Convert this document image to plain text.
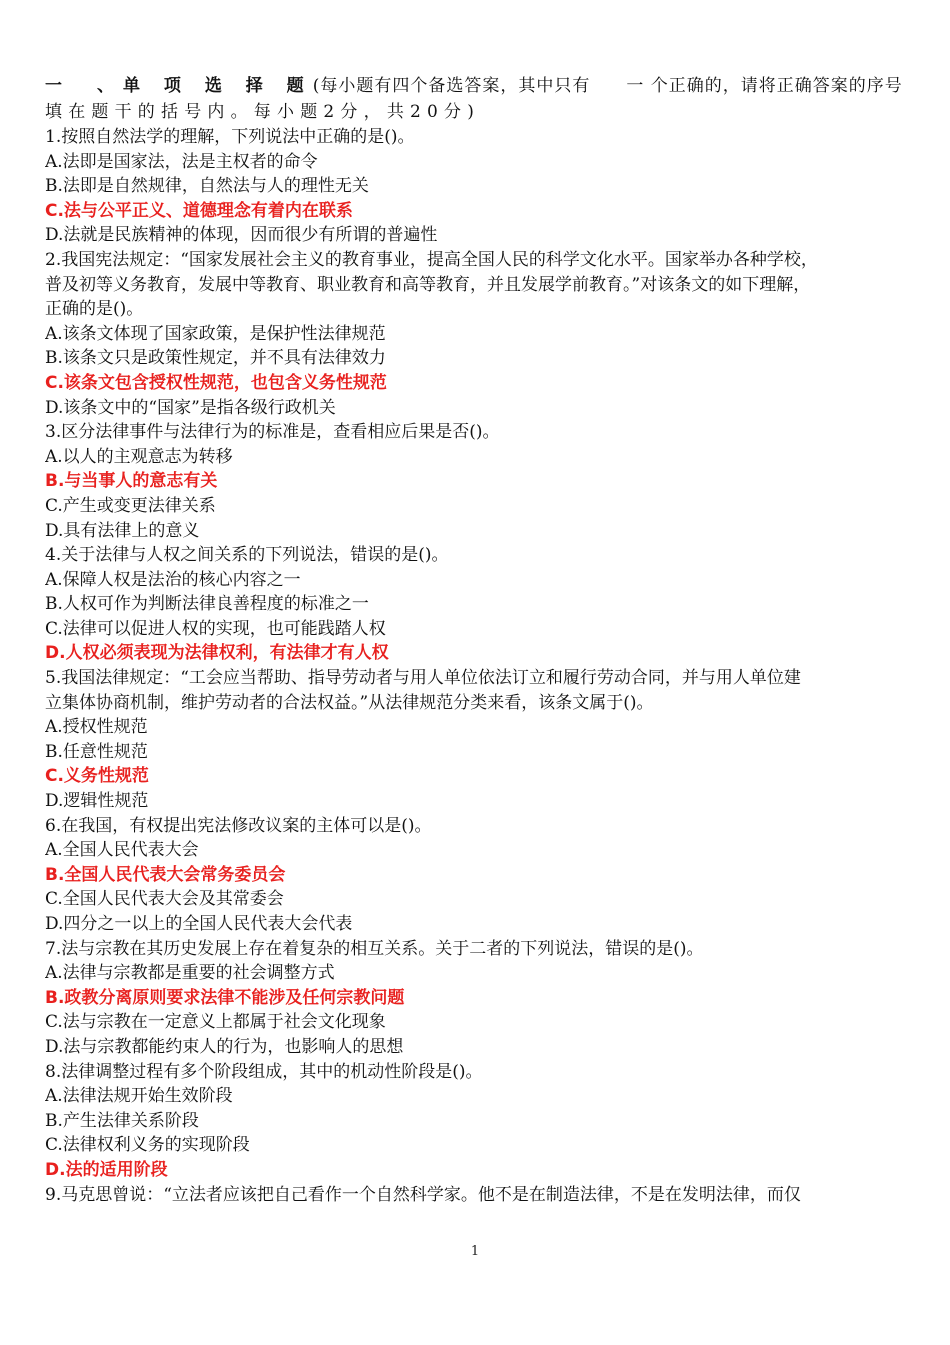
一　、单 项 选 择 题(每小题有四个备选答案，其中只有 一 个正确的，请将正确答案的序号
填在题干的括号内。每小题2分，共20分)
1.按照自然法学的理解，下列说法中正确的是()。
A.法即是国家法，法是主权者的命令
B.法即是自然规律，自然法与人的理性无关
C.法与公平正义、道德理念有着内在联系
D.法就是民族精神的体现，因而很少有所谓的普遍性
2.我国宪法规定：“国家发展社会主义的教育事业，提高全国人民的科学文化水平。国家举办各种学校，
普及初等义务教育，发展中等教育、职业教育和高等教育，并且发展学前教育。”对该条文的如下理解，
正确的是()。
A.该条文体现了国家政策，是保护性法律规范
B.该条文只是政策性规定，并不具有法律效力
C.该条文包含授权性规范，也包含义务性规范
D.该条文中的“国家”是指各级行政机关
3.区分法律事件与法律行为的标准是，查看相应后果是否()。
A.以人的主观意志为转移
B.与当事人的意志有关
C.产生或变更法律关系
D.具有法律上的意义
4.关于法律与人权之间关系的下列说法，错误的是()。
A.保障人权是法治的核心内容之一
B.人权可作为判断法律良善程度的标准之一
C.法律可以促进人权的实现，也可能践踏人权
D.人权必须表现为法律权利，有法律才有人权
5.我国法律规定：“工会应当帮助、指导劳动者与用人单位依法订立和履行劳动合同，并与用人单位建
立集体协商机制，维护劳动者的合法权益。”从法律规范分类来看，该条文属于()。
A.授权性规范
B.任意性规范
C.义务性规范
D.逻辑性规范
6.在我国，有权提出宪法修改议案的主体可以是()。
A.全国人民代表大会
B.全国人民代表大会常务委员会
C.全国人民代表大会及其常委会
D.四分之一以上的全国人民代表大会代表
7.法与宗教在其历史发展上存在着复杂的相互关系。关于二者的下列说法，错误的是()。
A.法律与宗教都是重要的社会调整方式
B.政教分离原则要求法律不能涉及任何宗教问题
C.法与宗教在一定意义上都属于社会文化现象
D.法与宗教都能约束人的行为，也影响人的思想
8.法律调整过程有多个阶段组成，其中的机动性阶段是()。
A.法律法规开始生效阶段
B.产生法律关系阶段
C.法律权利义务的实现阶段
D.法的适用阶段
9.马克思曾说：“立法者应该把自己看作一个自然科学家。他不是在制造法律，不是在发明法律，而仅
1
